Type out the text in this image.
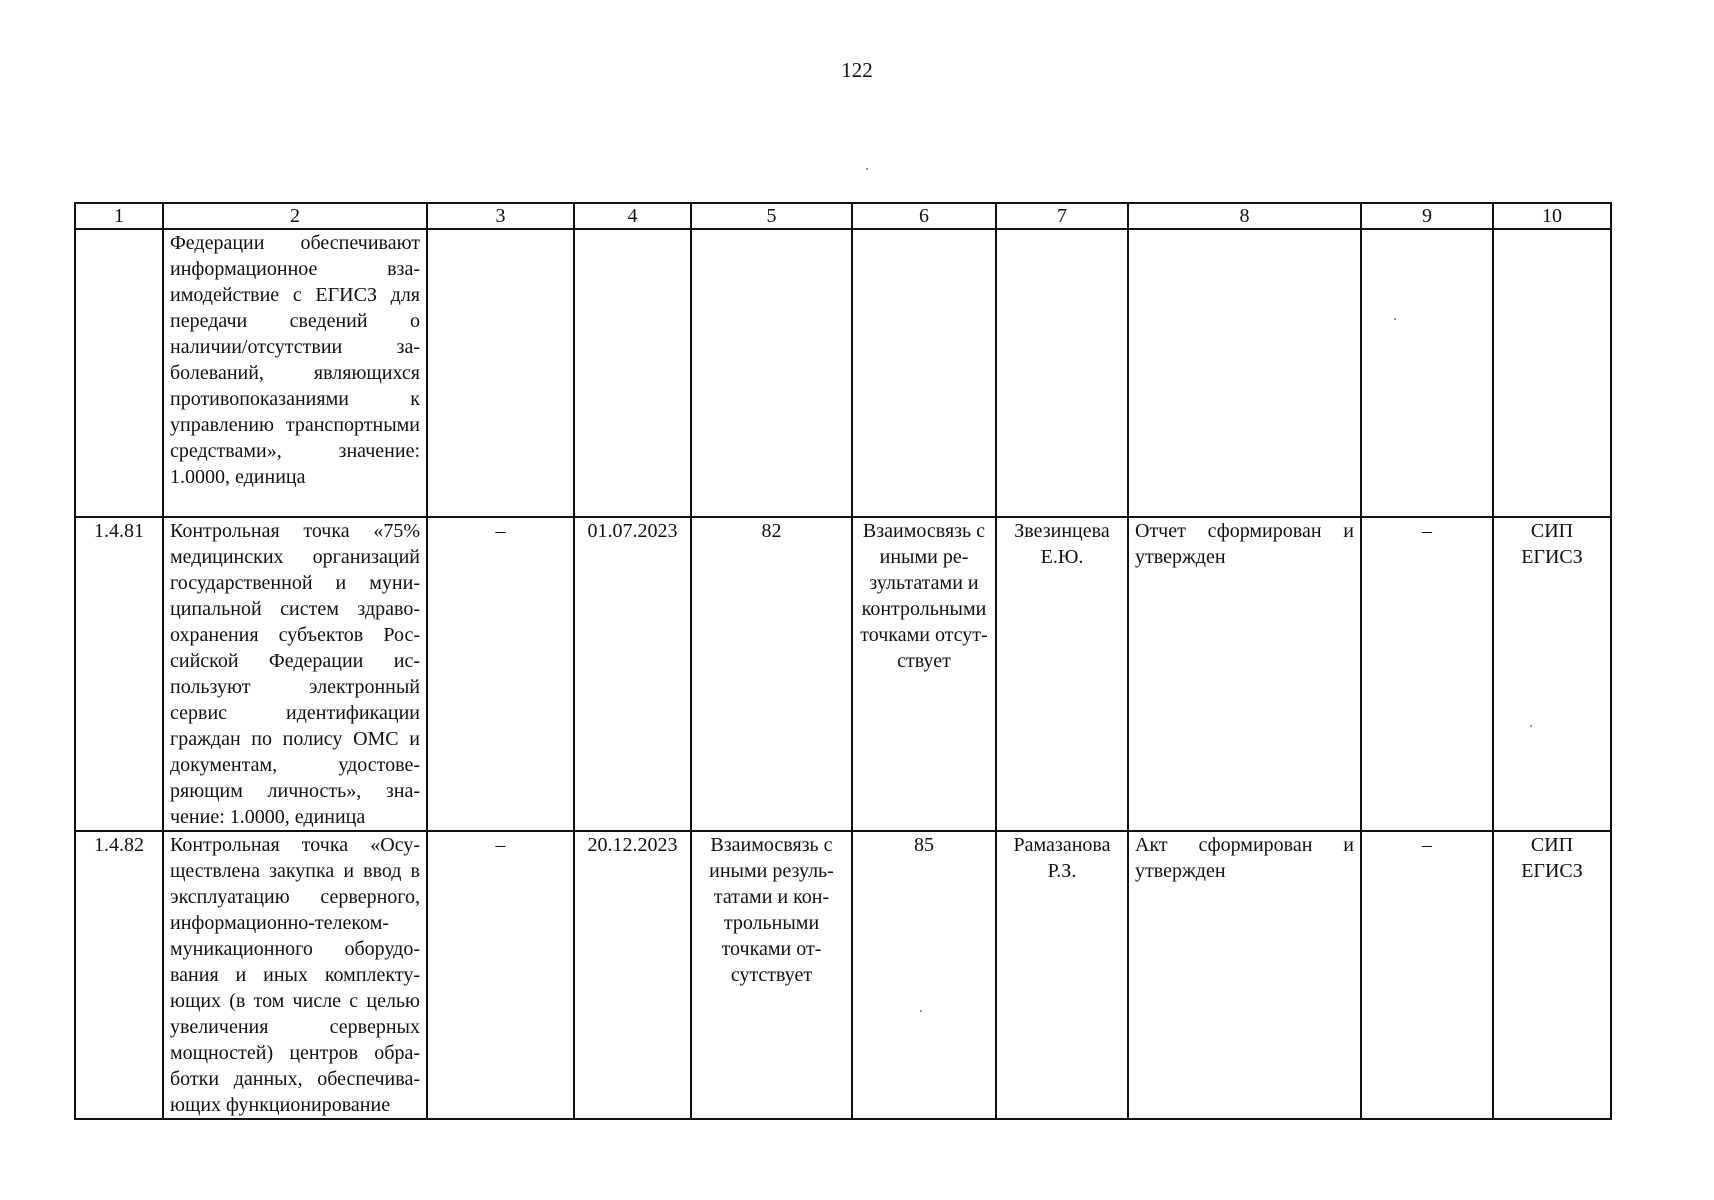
122
1	2	3	4	5	6	7	8	9	10
	Федерации обеспечивают информационное взаимодействие с ЕГИСЗ для передачи сведений о наличии/отсутствии заболеваний, являющихся противопоказаниями к управлению транспортными средствами», значение: 1.0000, единица								
1.4.81	Контрольная точка «75% медицинских организаций государственной и муниципальной систем здравоохранения субъектов Российской Федерации используют электронный сервис идентификации граждан по полису ОМС и документам, удостоверяющим личность», значение: 1.0000, единица	–	01.07.2023	82	Взаимосвязь с иными результатами и контрольными точками отсутствует	Звезинцева Е.Ю.	Отчет сформирован и утвержден	–	СИП ЕГИСЗ
1.4.82	Контрольная точка «Осуществлена закупка и ввод в эксплуатацию серверного, информационно-телекоммуникационного оборудования и иных комплектующих (в том числе с целью увеличения серверных мощностей) центров обработки данных, обеспечивающих функционирование	–	20.12.2023	Взаимосвязь с иными результатами и контрольными точками отсутствует	85	Рамазанова Р.З.	Акт сформирован и утвержден	–	СИП ЕГИСЗ
